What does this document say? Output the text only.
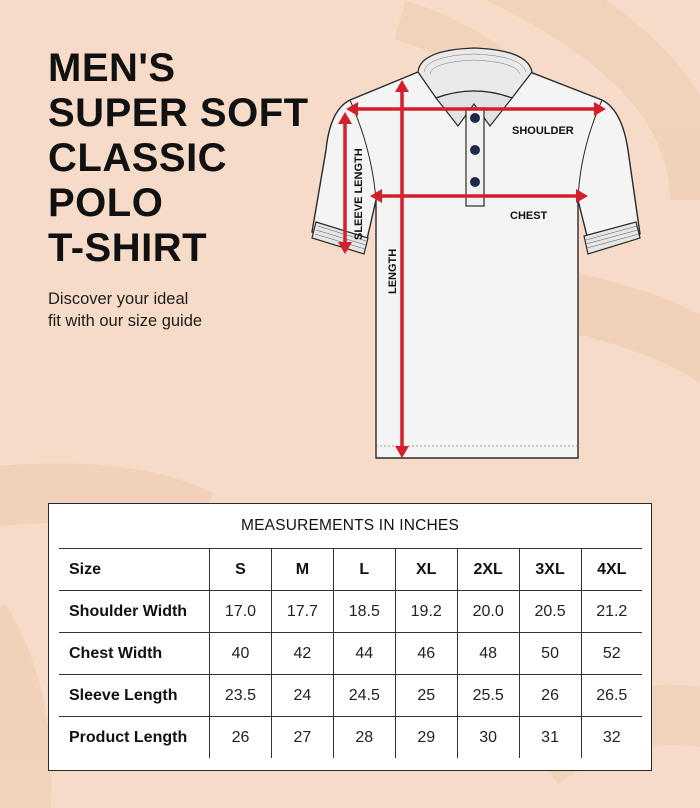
MEN'S
SUPER SOFT
CLASSIC
POLO
T-SHIRT
Discover your ideal
fit with our size guide
SHOULDER
CHEST
SLEEVE LENGTH
LENGTH
MEASUREMENTS IN INCHES
Size	S	M	L	XL	2XL	3XL	4XL
Shoulder Width	17.0	17.7	18.5	19.2	20.0	20.5	21.2
Chest Width	40	42	44	46	48	50	52
Sleeve Length	23.5	24	24.5	25	25.5	26	26.5
Product Length	26	27	28	29	30	31	32
